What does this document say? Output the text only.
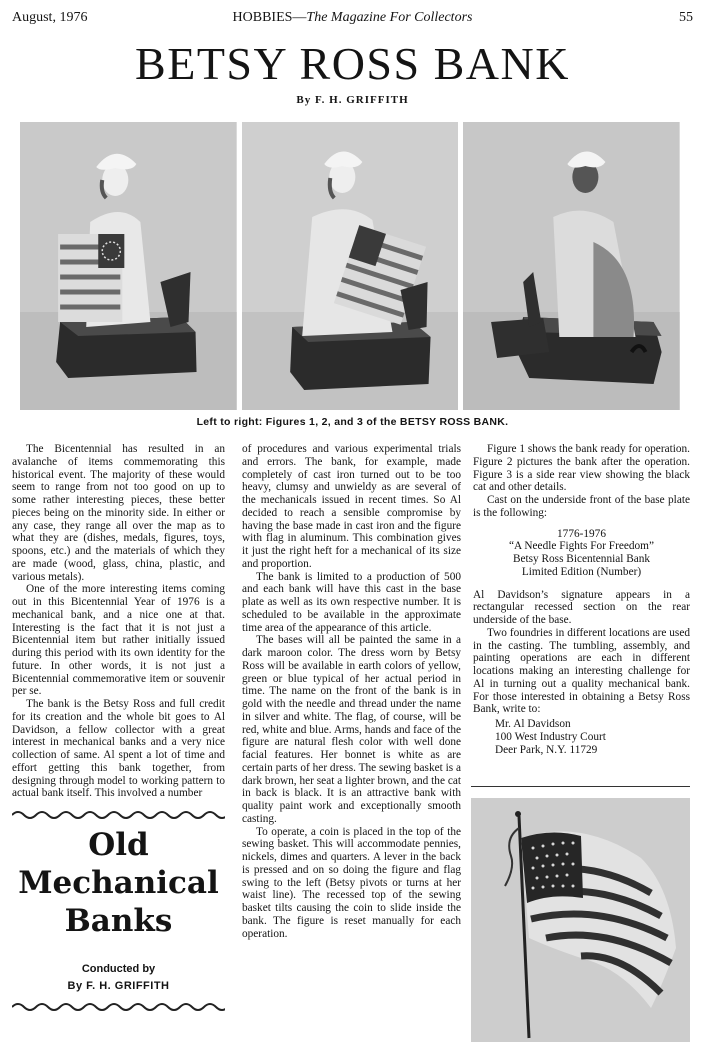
August, 1976	HOBBIES—The Magazine For Collectors	55
BETSY ROSS BANK
By F. H. GRIFFITH
Left to right: Figures 1, 2, and 3 of the BETSY ROSS BANK.

The Bicentennial has resulted in an avalanche of items commemorating this historical event. The majority of these would seem to range from not too good on up to some rather interesting pieces, these better pieces being on the minority side. In either or any case, they range all over the map as to what they are (dishes, medals, figures, toys, spoons, etc.) and the materials of which they are made (wood, glass, china, plastic, and various metals).

One of the more interesting items coming out in this Bicentennial Year of 1976 is a mechanical bank, and a nice one at that. Interesting is the fact that it is not just a Bicentennial item but rather initially issued during this period with its own identity for the future. In other words, it is not just a Bicentennial commemorative item or souvenir per se.

The bank is the Betsy Ross and full credit for its creation and the whole bit goes to Al Davidson, a fellow collector with a great interest in mechanical banks and a very nice collection of same. Al spent a lot of time and effort getting this bank together, from designing through model to working pattern to actual bank itself. This involved a number

Old
Mechanical
Banks
Conducted by
By F. H. GRIFFITH

of procedures and various experimental trials and errors. The bank, for example, made completely of cast iron turned out to be too heavy, clumsy and unwieldy as are several of the mechanicals issued in recent times. So Al decided to reach a sensible compromise by having the base made in cast iron and the figure with flag in aluminum. This combination gives it just the right heft for a mechanical of its size and proportion.

The bank is limited to a production of 500 and each bank will have this cast in the base plate as well as its own respective number. It is scheduled to be available in the approximate time area of the appearance of this article.

The bases will all be painted the same in a dark maroon color. The dress worn by Betsy Ross will be available in earth colors of yellow, green or blue typical of her actual period in time. The name on the front of the bank is in gold with the needle and thread under the name in silver and white. The flag, of course, will be red, white and blue. Arms, hands and face of the figure are natural flesh color with well done facial features. Her bonnet is white as are certain parts of her dress. The sewing basket is a dark brown, her seat a lighter brown, and the cat in back is black. It is an attractive bank with quality paint work and exceptionally smooth casting.

To operate, a coin is placed in the top of the sewing basket. This will accommodate pennies, nickels, dimes and quarters. A lever in the back is pressed and on so doing the figure and flag swing to the left (Betsy pivots or turns at her waist line). The recessed top of the sewing basket tilts causing the coin to slide inside the bank. The figure is reset manually for each operation.

Figure 1 shows the bank ready for operation. Figure 2 pictures the bank after the operation. Figure 3 is a side rear view showing the black cat and other details.

Cast on the underside front of the base plate is the following:

1776-1976
“A Needle Fights For Freedom”
Betsy Ross Bicentennial Bank
Limited Edition (Number)

Al Davidson’s signature appears in a rectangular recessed section on the rear underside of the base.

Two foundries in different locations are used in the casting. The tumbling, assembly, and painting operations are each in different locations making an interesting challenge for Al in turning out a quality mechanical bank. For those interested in obtaining a Betsy Ross Bank, write to:

Mr. Al Davidson
100 West Industry Court
Deer Park, N.Y. 11729
